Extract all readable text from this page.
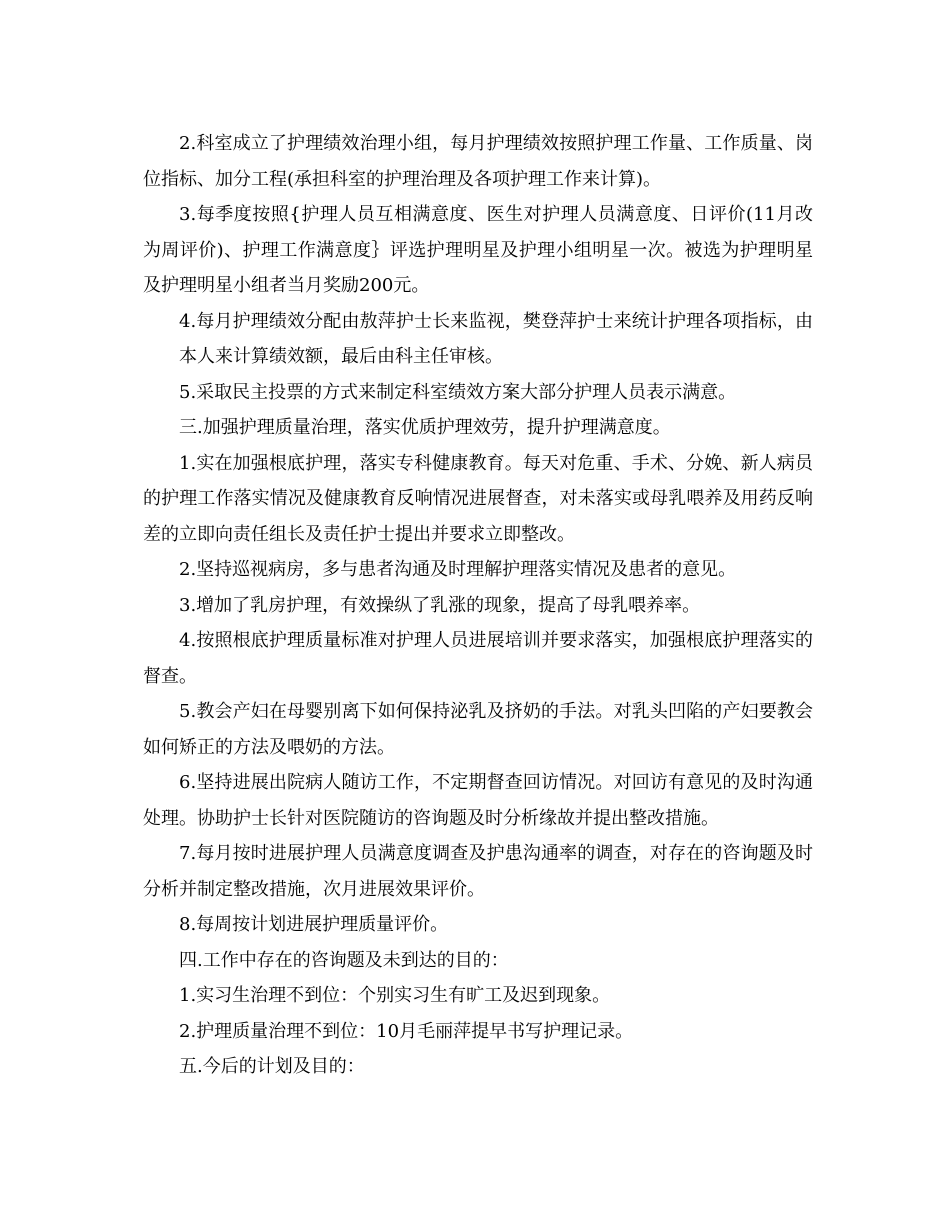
2.科室成立了护理绩效治理小组，每月护理绩效按照护理工作量、工作质量、岗位指标、加分工程(承担科室的护理治理及各项护理工作来计算)。

3.每季度按照{护理人员互相满意度、医生对护理人员满意度、日评价(11月改为周评价)、护理工作满意度｝评选护理明星及护理小组明星一次。被选为护理明星及护理明星小组者当月奖励200元。

4.每月护理绩效分配由敖萍护士长来监视，樊登萍护士来统计护理各项指标，由本人来计算绩效额，最后由科主任审核。

5.采取民主投票的方式来制定科室绩效方案大部分护理人员表示满意。

三.加强护理质量治理，落实优质护理效劳，提升护理满意度。

1.实在加强根底护理，落实专科健康教育。每天对危重、手术、分娩、新人病员的护理工作落实情况及健康教育反响情况进展督查，对未落实或母乳喂养及用药反响差的立即向责任组长及责任护士提出并要求立即整改。

2.坚持巡视病房，多与患者沟通及时理解护理落实情况及患者的意见。

3.增加了乳房护理，有效操纵了乳涨的现象，提高了母乳喂养率。

4.按照根底护理质量标准对护理人员进展培训并要求落实，加强根底护理落实的督查。

5.教会产妇在母婴别离下如何保持泌乳及挤奶的手法。对乳头凹陷的产妇要教会如何矫正的方法及喂奶的方法。

6.坚持进展出院病人随访工作，不定期督查回访情况。对回访有意见的及时沟通处理。协助护士长针对医院随访的咨询题及时分析缘故并提出整改措施。

7.每月按时进展护理人员满意度调查及护患沟通率的调查，对存在的咨询题及时分析并制定整改措施，次月进展效果评价。

8.每周按计划进展护理质量评价。

四.工作中存在的咨询题及未到达的目的：

1.实习生治理不到位：个别实习生有旷工及迟到现象。

2.护理质量治理不到位：10月毛丽萍提早书写护理记录。

五.今后的计划及目的：
